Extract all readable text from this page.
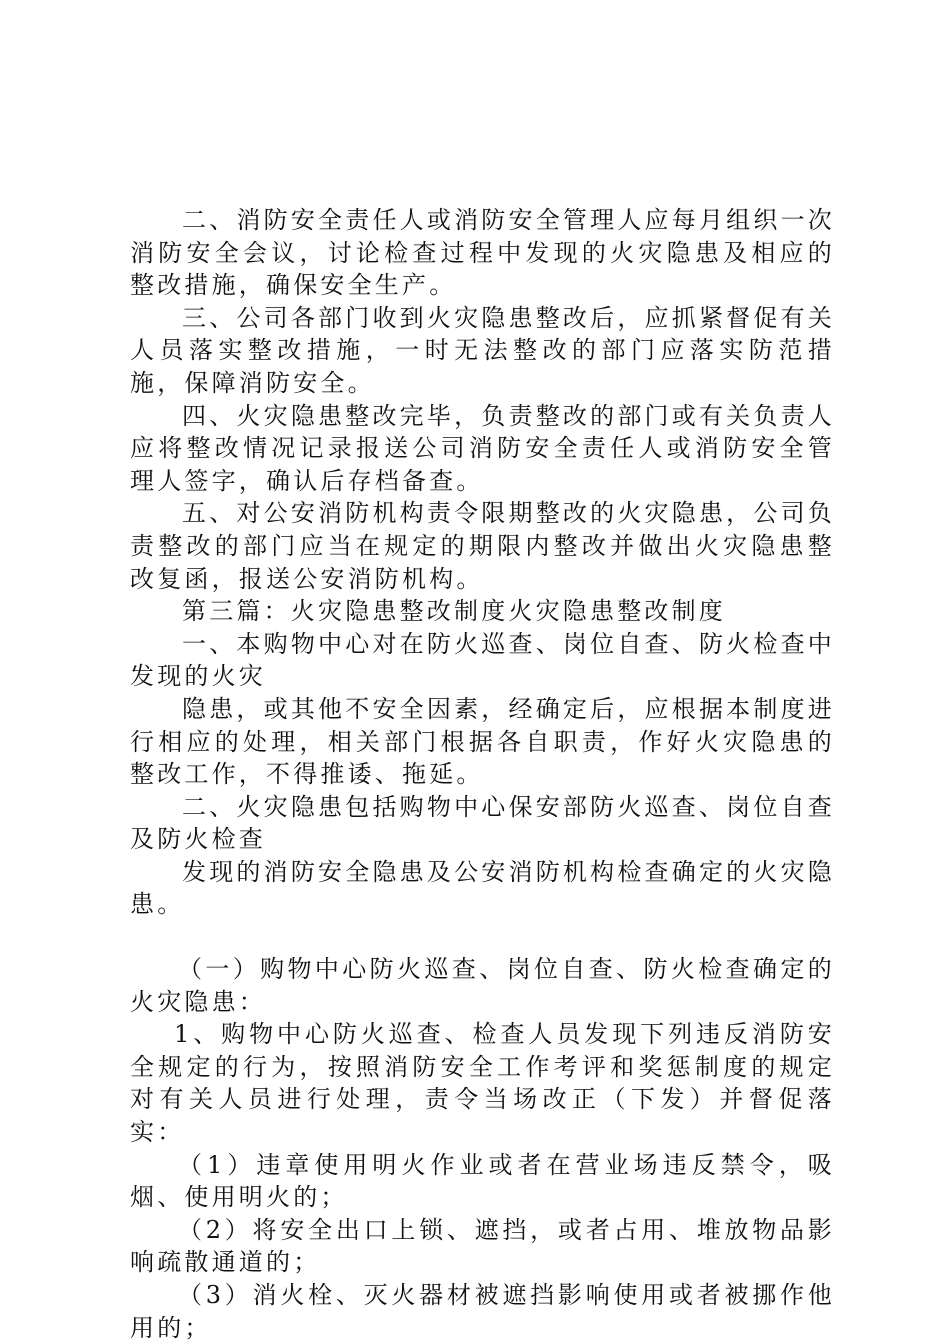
二、消防安全责任人或消防安全管理人应每月组织一次消防安全会议，讨论检查过程中发现的火灾隐患及相应的整改措施，确保安全生产。

三、公司各部门收到火灾隐患整改后，应抓紧督促有关人员落实整改措施，一时无法整改的部门应落实防范措施，保障消防安全。

四、火灾隐患整改完毕，负责整改的部门或有关负责人应将整改情况记录报送公司消防安全责任人或消防安全管理人签字，确认后存档备查。

五、对公安消防机构责令限期整改的火灾隐患，公司负责整改的部门应当在规定的期限内整改并做出火灾隐患整改复函，报送公安消防机构。

第三篇：火灾隐患整改制度火灾隐患整改制度

一、本购物中心对在防火巡查、岗位自查、防火检查中发现的火灾

隐患，或其他不安全因素，经确定后，应根据本制度进行相应的处理，相关部门根据各自职责，作好火灾隐患的整改工作，不得推诿、拖延。

二、火灾隐患包括购物中心保安部防火巡查、岗位自查及防火检查

发现的消防安全隐患及公安消防机构检查确定的火灾隐患。

（一）购物中心防火巡查、岗位自查、防火检查确定的火灾隐患：

1、购物中心防火巡查、检查人员发现下列违反消防安全规定的行为，按照消防安全工作考评和奖惩制度的规定对有关人员进行处理，责令当场改正（下发）并督促落实：

（1）违章使用明火作业或者在营业场违反禁令，吸烟、使用明火的；

（2）将安全出口上锁、遮挡，或者占用、堆放物品影响疏散通道的；

（3）消火栓、灭火器材被遮挡影响使用或者被挪作他用的；
